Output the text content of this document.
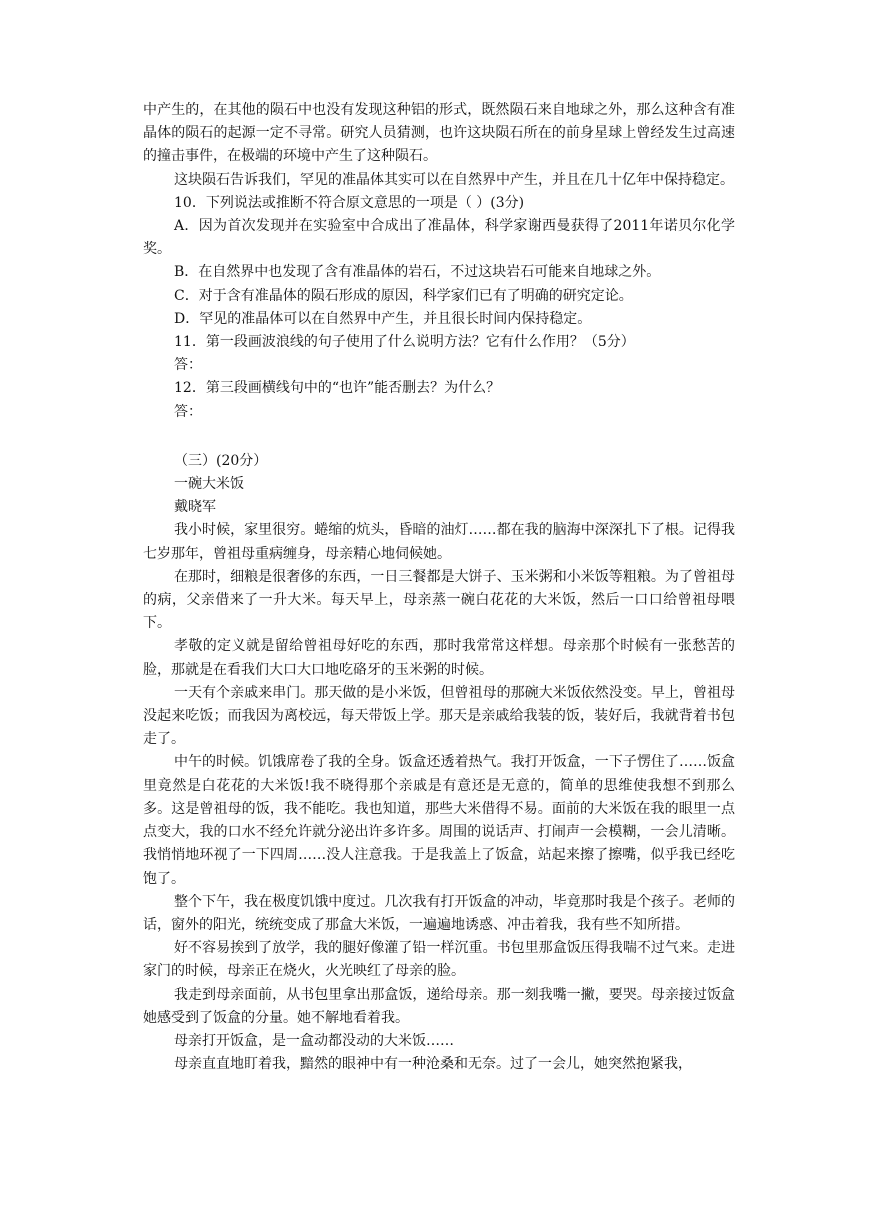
中产生的，在其他的陨石中也没有发现这种铝的形式，既然陨石来自地球之外，那么这种含有准晶体的陨石的起源一定不寻常。研究人员猜测，也许这块陨石所在的前身星球上曾经发生过高速的撞击事件，在极端的环境中产生了这种陨石。

这块陨石告诉我们，罕见的准晶体其实可以在自然界中产生，并且在几十亿年中保持稳定。

10．下列说法或推断不符合原文意思的一项是（ ）(3分)

A．因为首次发现并在实验室中合成出了准晶体，科学家谢西曼获得了2011年诺贝尔化学奖。

B．在自然界中也发现了含有准晶体的岩石，不过这块岩石可能来自地球之外。

C．对于含有准晶体的陨石形成的原因，科学家们已有了明确的研究定论。

D．罕见的准晶体可以在自然界中产生，并且很长时间内保持稳定。

11．第一段画波浪线的句子使用了什么说明方法？它有什么作用？（5分）

答：

12．第三段画横线句中的“也许”能否删去？为什么？

答：

（三）(20分）

一碗大米饭

戴晓军

我小时候，家里很穷。蜷缩的炕头，昏暗的油灯……都在我的脑海中深深扎下了根。记得我七岁那年，曾祖母重病缠身，母亲精心地伺候她。

在那时，细粮是很奢侈的东西，一日三餐都是大饼子、玉米粥和小米饭等粗粮。为了曾祖母的病，父亲借来了一升大米。每天早上，母亲蒸一碗白花花的大米饭，然后一口口给曾祖母喂下。

孝敬的定义就是留给曾祖母好吃的东西，那时我常常这样想。母亲那个时候有一张愁苦的脸，那就是在看我们大口大口地吃硌牙的玉米粥的时候。

一天有个亲戚来串门。那天做的是小米饭，但曾祖母的那碗大米饭依然没变。早上，曾祖母没起来吃饭；而我因为离校远，每天带饭上学。那天是亲戚给我装的饭，装好后，我就背着书包走了。

中午的时候。饥饿席卷了我的全身。饭盒还透着热气。我打开饭盒，一下子愣住了……饭盒里竟然是白花花的大米饭!我不晓得那个亲戚是有意还是无意的，简单的思维使我想不到那么多。这是曾祖母的饭，我不能吃。我也知道，那些大米借得不易。面前的大米饭在我的眼里一点点变大，我的口水不经允许就分泌出许多许多。周围的说话声、打闹声一会模糊，一会儿清晰。我悄悄地环视了一下四周……没人注意我。于是我盖上了饭盒，站起来擦了擦嘴，似乎我已经吃饱了。

整个下午，我在极度饥饿中度过。几次我有打开饭盒的冲动，毕竟那时我是个孩子。老师的话，窗外的阳光，统统变成了那盒大米饭，一遍遍地诱惑、冲击着我，我有些不知所措。

好不容易挨到了放学，我的腿好像灌了铅一样沉重。书包里那盒饭压得我喘不过气来。走进家门的时候，母亲正在烧火，火光映红了母亲的脸。

我走到母亲面前，从书包里拿出那盒饭，递给母亲。那一刻我嘴一撇，要哭。母亲接过饭盒 她感受到了饭盒的分量。她不解地看着我。

母亲打开饭盒，是一盒动都没动的大米饭……

母亲直直地盯着我，黯然的眼神中有一种沧桑和无奈。过了一会儿，她突然抱紧我，
